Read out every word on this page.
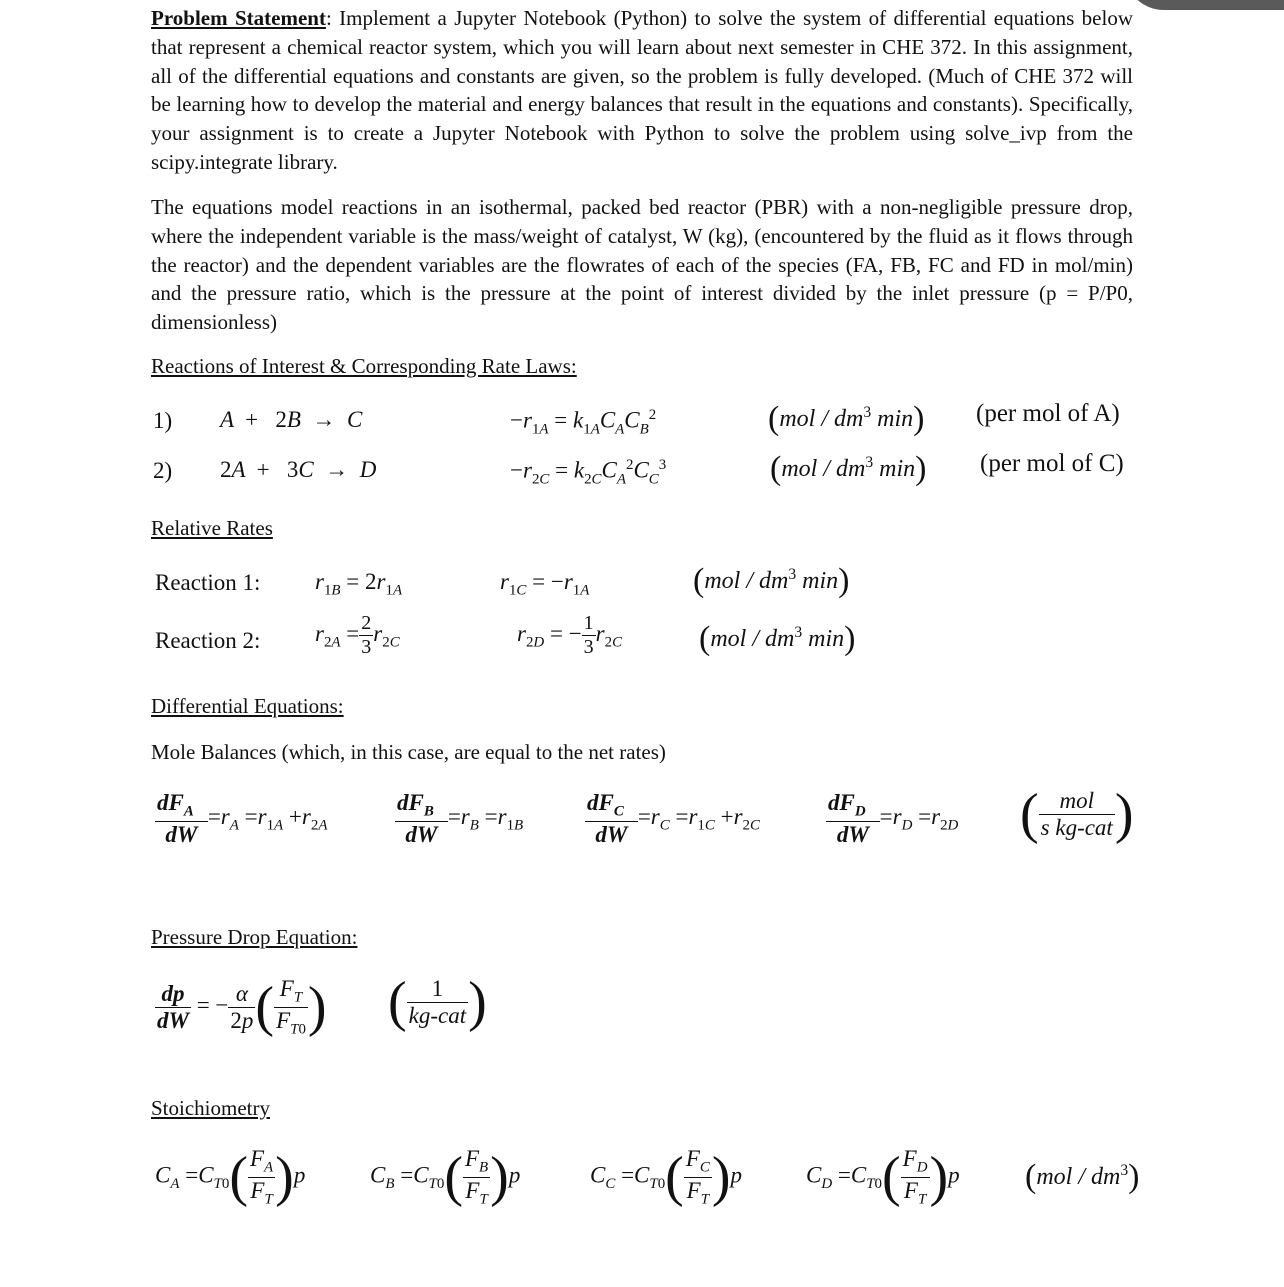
Problem Statement: Implement a Jupyter Notebook (Python) to solve the system of differential equations below that represent a chemical reactor system, which you will learn about next semester in CHE 372. In this assignment, all of the differential equations and constants are given, so the problem is fully developed. (Much of CHE 372 will be learning how to develop the material and energy balances that result in the equations and constants). Specifically, your assignment is to create a Jupyter Notebook with Python to solve the problem using solve_ivp from the scipy.integrate library.
The equations model reactions in an isothermal, packed bed reactor (PBR) with a non-negligible pressure drop, where the independent variable is the mass/weight of catalyst, W (kg), (encountered by the fluid as it flows through the reactor) and the dependent variables are the flowrates of each of the species (FA, FB, FC and FD in mol/min) and the pressure ratio, which is the pressure at the point of interest divided by the inlet pressure (p = P/P0, dimensionless)
Reactions of Interest & Corresponding Rate Laws:
1) A  +   2B  →  C	$-r_{1A} = k_{1A}C_AC_B^2$	($mol / dm^3$ min) (per mol of A)
2) 2A  +   3C  →  D	$-r_{2C} = k_{2C}C_A^2C_C^3$	($mol / dm^3$ min) (per mol of C)
Relative Rates
Reaction 1: $r_{1B} = 2r_{1A}$	$r_{1C} = -r_{1A}$	($mol / dm^3$ min)
Reaction 2: $r_{2A} = \frac{2}{3} r_{2C}$	$r_{2D}$ = − $\frac{1}{3} r_{2C}$ ($mol / dm^3$ min)
Differential Equations:
Mole Balances (which, in this case, are equal to the net rates)
$\frac{dF_A}{dW} =r_A =r_{1A} +r_{2A}$	$\frac{dF_B}{dW} =r_B =r_{1B}$	$\frac{dF_C}{dW} =r_C =r_{1C} +r_{2C}$	$\frac{dF_D}{dW} =r_D =r_{2D}$ ( $\frac{\text{mol}}{\text{s kg-cat}}$ )
Pressure Drop Equation:
$\frac{dp}{dW}$ = − $\frac{\alpha}{2p}$ ( $\frac{F_T}{F_{T0}}$ ) ( $\frac{1}{\text{kg-cat}}$ )
Stoichiometry
$C_A =C_{T0}( \frac{F_A}{F_T} )p$	$C_B =C_{T0}( \frac{F_B}{F_T} )p$	$C_C =C_{T0}( \frac{F_C}{F_T} )p$	$C_D =C_{T0}( \frac{F_D}{F_T} )p$ $(mol / dm^3)$
